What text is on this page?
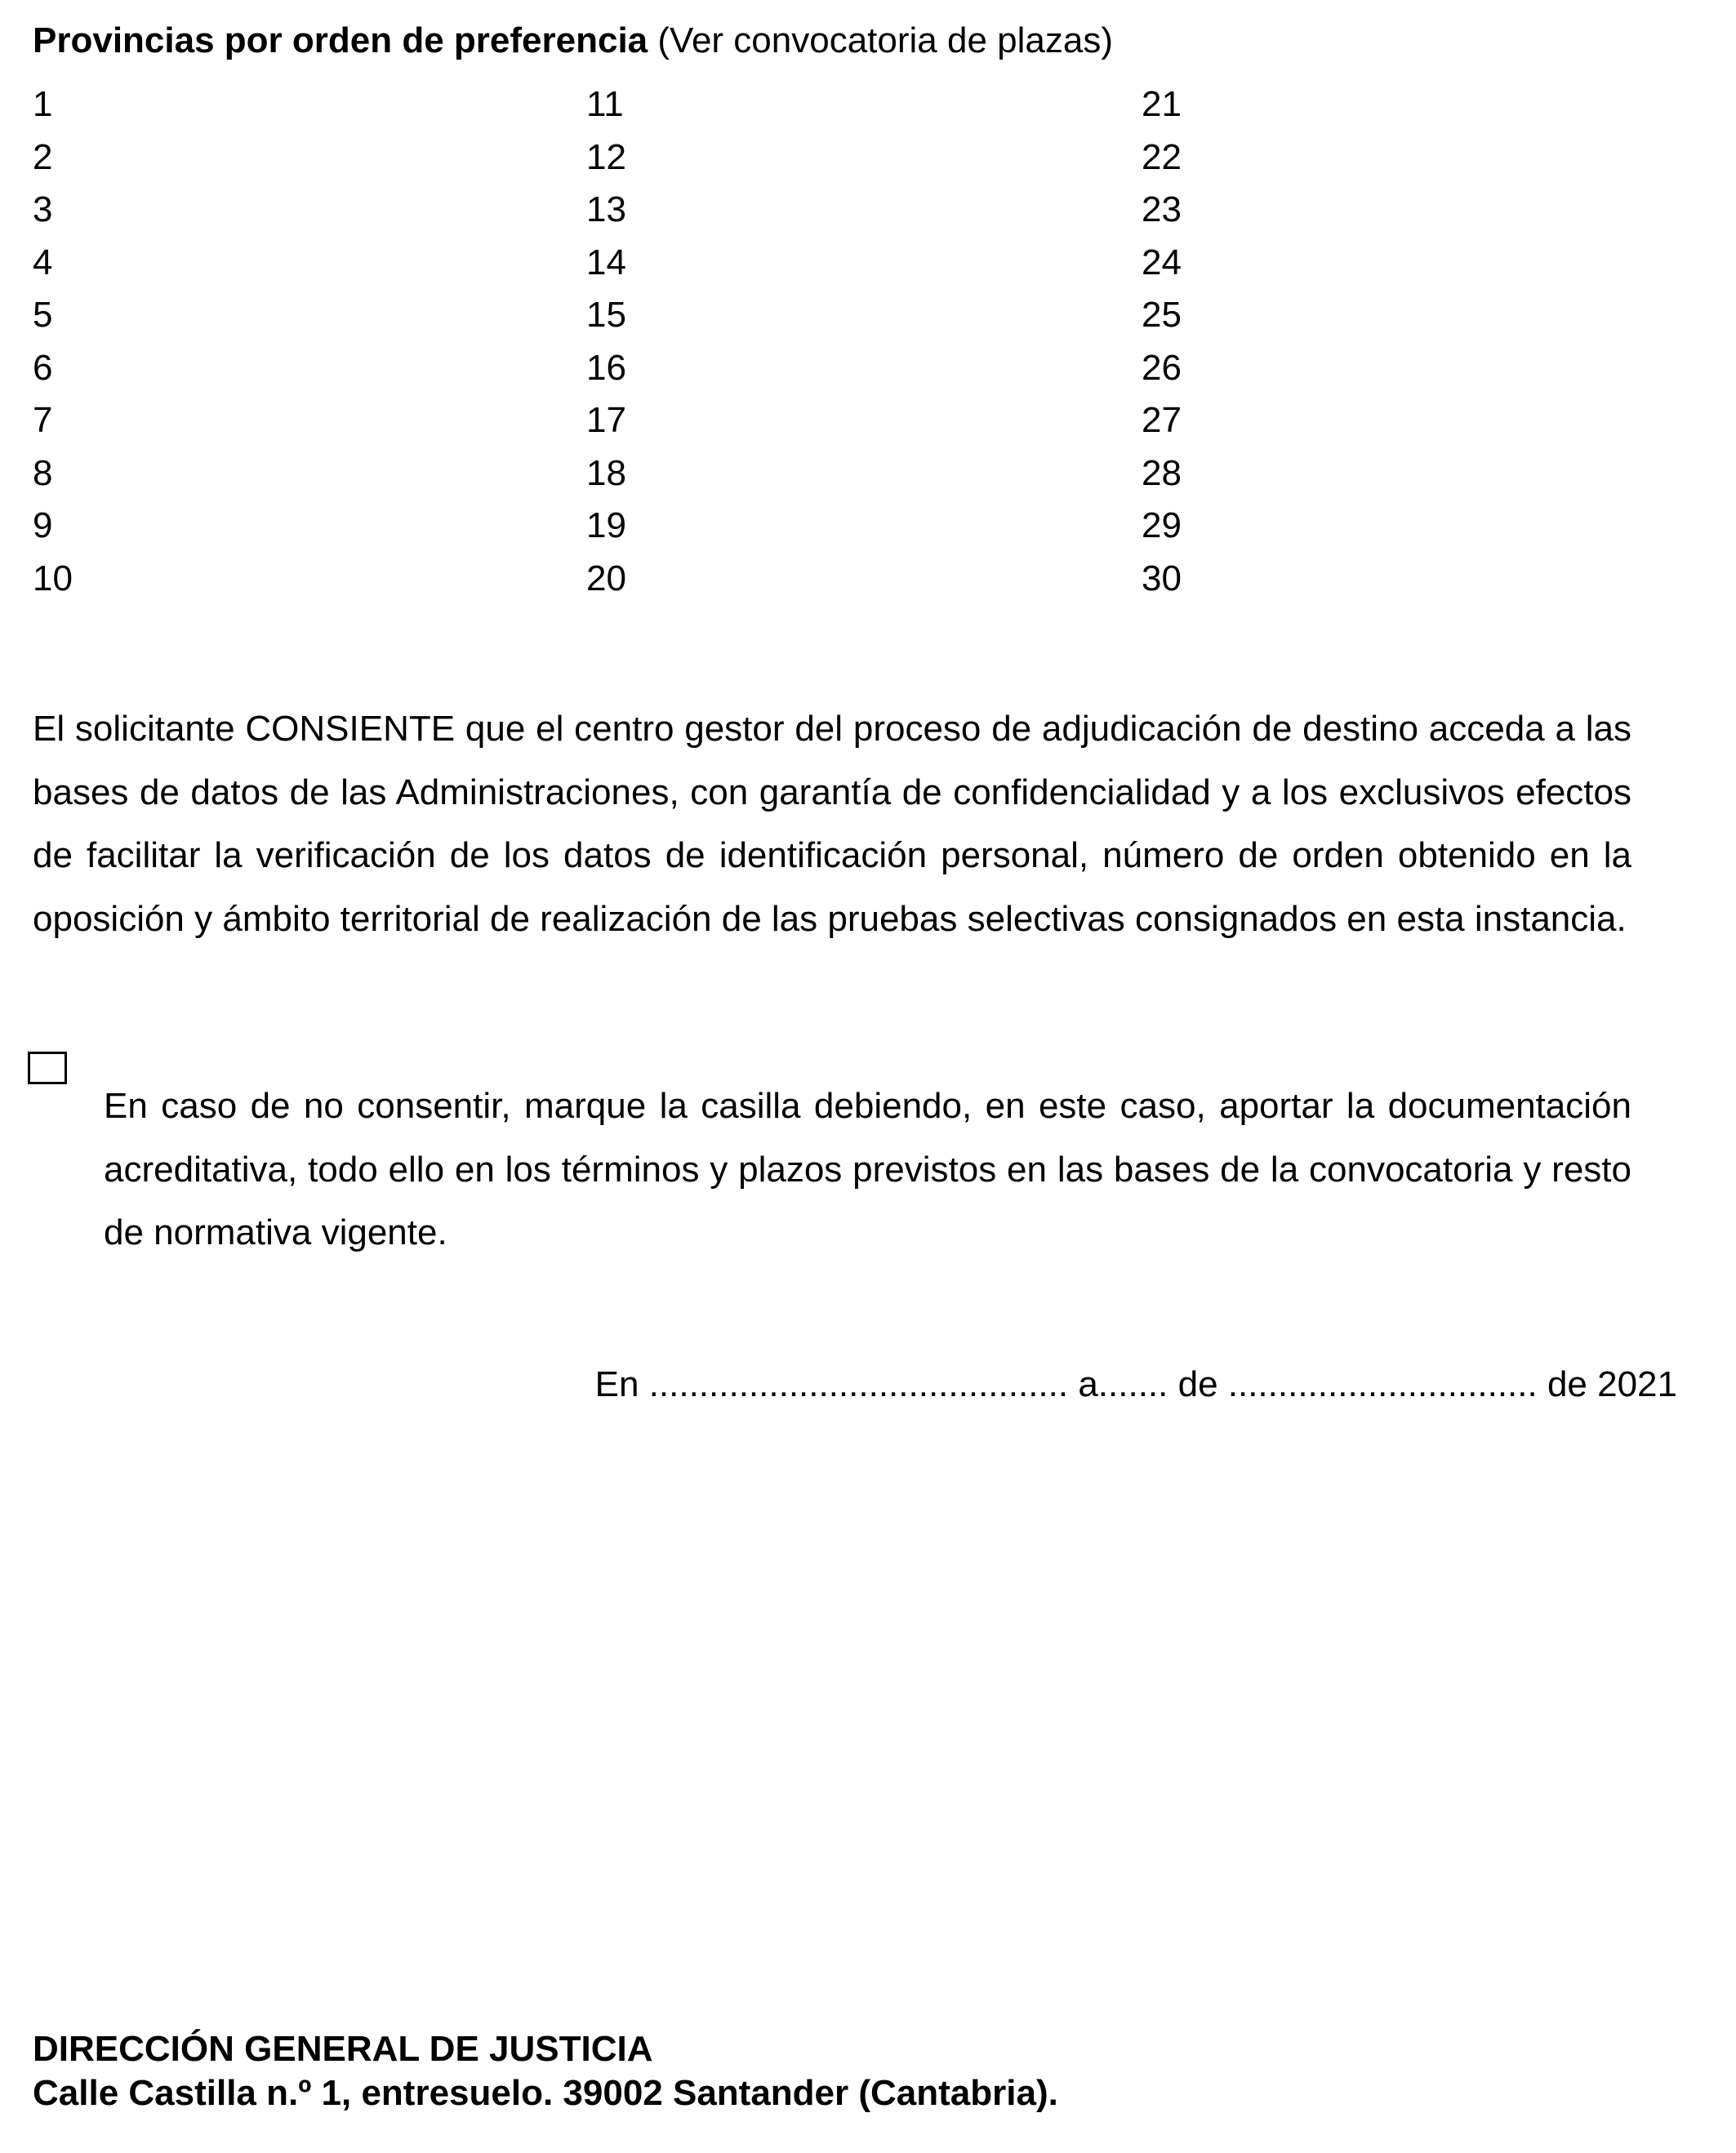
Provincias por orden de preferencia (Ver convocatoria de plazas)
1	11	21
2	12	22
3	13	23
4	14	24
5	15	25
6	16	26
7	17	27
8	18	28
9	19	29
10	20	30

El solicitante CONSIENTE que el centro gestor del proceso de adjudicación de destino acceda a las bases de datos de las Administraciones, con garantía de confidencialidad y a los exclusivos efectos de facilitar la verificación de los datos de identificación personal, número de orden obtenido en la oposición y ámbito territorial de realización de las pruebas selectivas consignados en esta instancia.

En caso de no consentir, marque la casilla debiendo, en este caso, aportar la documentación acreditativa, todo ello en los términos y plazos previstos en las bases de la convocatoria y resto de normativa vigente.

En .......................................... a....... de ............................... de 2021
DIRECCIÓN GENERAL DE JUSTICIA
Calle Castilla n.º 1, entresuelo. 39002 Santander (Cantabria).
